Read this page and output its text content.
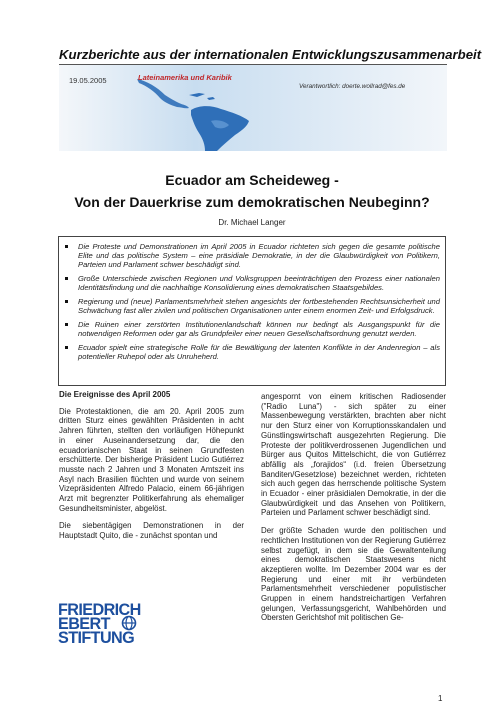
Kurzberichte aus der internationalen Entwicklungszusammenarbeit
19.05.2005	Lateinamerika und Karibik
Verantwortlich: doerte.wollrad@fes.de
Ecuador am Scheideweg -
Von der Dauerkrise zum demokratischen Neubeginn?
Dr. Michael Langer
Die Proteste und Demonstrationen im April 2005 in Ecuador richteten sich gegen die gesamte politische Elite und das politische System – eine präsidiale Demokratie, in der die Glaubwürdigkeit von Politikern, Parteien und Parlament schwer beschädigt sind.
Große Unterschiede zwischen Regionen und Volksgruppen beeinträchtigen den Prozess einer nationalen Identitätsfindung und die nachhaltige Konsolidierung eines demokratischen Staatsgebildes.
Regierung und (neue) Parlamentsmehrheit stehen angesichts der fortbestehenden Rechtsunsicherheit und Schwächung fast aller zivilen und politischen Organisationen unter einem enormen Zeit- und Erfolgsdruck.
Die Ruinen einer zerstörten Institutionenlandschaft können nur bedingt als Ausgangspunkt für die notwendigen Reformen oder gar als Grundpfeiler einer neuen Gesellschaftsordnung genutzt werden.
Ecuador spielt eine strategische Rolle für die Bewältigung der latenten Konflikte in der Andenregion – als potentieller Ruhepol oder als Unruheherd.
Die Ereignisse des April 2005

Die Protestaktionen, die am 20. April 2005 zum dritten Sturz eines gewählten Präsidenten in acht Jahren führten, stellten den vorläufigen Höhepunkt in einer Auseinandersetzung dar, die den ecuadorianischen Staat in seinen Grundfesten erschütterte. Der bisherige Präsident Lucio Gutiérrez musste nach 2 Jahren und 3 Monaten Amtszeit ins Asyl nach Brasilien flüchten und wurde von seinem Vizepräsidenten Alfredo Palacio, einem 66-jährigen Arzt mit begrenzter Politikerfahrung als ehemaliger Gesundheitsminister, abgelöst.

Die siebentägigen Demonstrationen in der Hauptstadt Quito, die - zunächst spontan und

angespornt von einem kritischen Radiosender ("Radio Luna") - sich später zu einer Massenbewegung verstärkten, brachten aber nicht nur den Sturz einer von Korruptionsskandalen und Günstlingswirtschaft ausgezehrten Regierung. Die Proteste der politikverdrossenen Jugendlichen und Bürger aus Quitos Mittelschicht, die von Gutiérrez abfällig als „forajidos“ (i.d. freien Übersetzung Banditen/Gesetzlose) bezeichnet werden, richteten sich auch gegen das herrschende politische System in Ecuador - einer präsidialen Demokratie, in der die Glaubwürdigkeit und das Ansehen von Politikern, Parteien und Parlament schwer beschädigt sind.

Der größte Schaden wurde den politischen und rechtlichen Institutionen von der Regierung Gutiérrez selbst zugefügt, in dem sie die Gewaltenteilung eines demokratischen Staatswesens nicht akzeptieren wollte. Im Dezember 2004 war es der Regierung und einer mit ihr verbündeten Parlamentsmehrheit verschiedener populistischer Gruppen in einem handstreichartigen Verfahren gelungen, Verfassungsgericht, Wahlbehörden und Obersten Gerichtshof mit politischen Ge-

FRIEDRICH
EBERT
STIFTUNG
1
